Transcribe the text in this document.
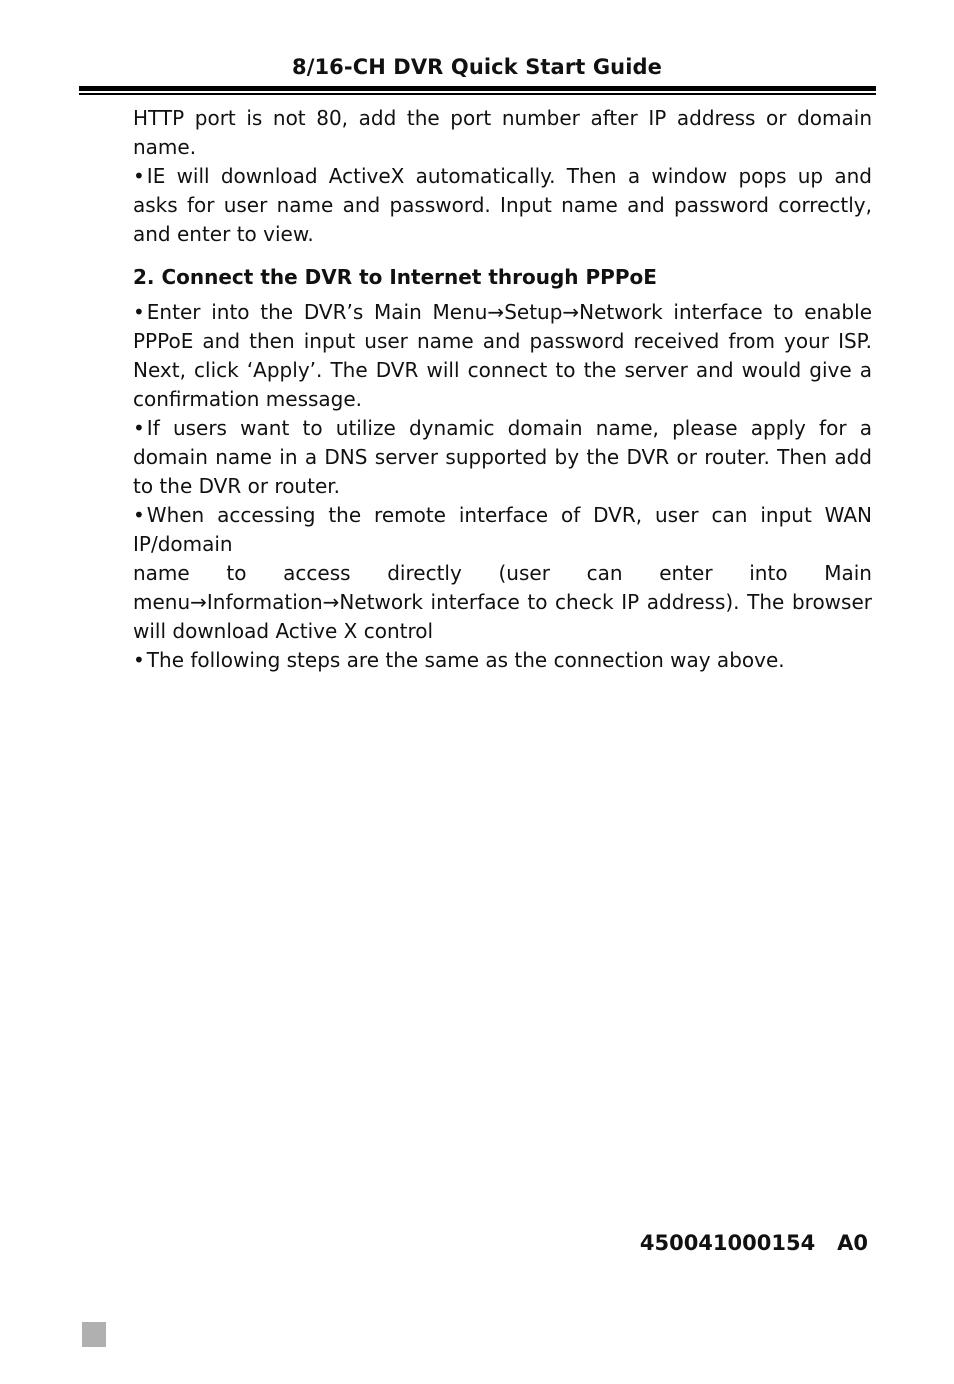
8/16-CH DVR Quick Start Guide

HTTP port is not 80, add the port number after IP address or domain name.

• IE will download ActiveX automatically. Then a window pops up and asks for user name and password. Input name and password correctly, and enter to view.

2. Connect the DVR to Internet through PPPoE

• Enter into the DVR’s Main Menu→Setup→Network interface to enable PPPoE and then input user name and password received from your ISP. Next, click ‘Apply’. The DVR will connect to the server and would give a confirmation message.

• If users want to utilize dynamic domain name, please apply for a domain name in a DNS server supported by the DVR or router. Then add to the DVR or router.

• When accessing the remote interface of DVR, user can input WAN IP/domain

name to access directly (user can enter into Main

menu→Information→Network interface to check IP address). The browser will download Active X control

• The following steps are the same as the connection way above.

450041000154   A0
